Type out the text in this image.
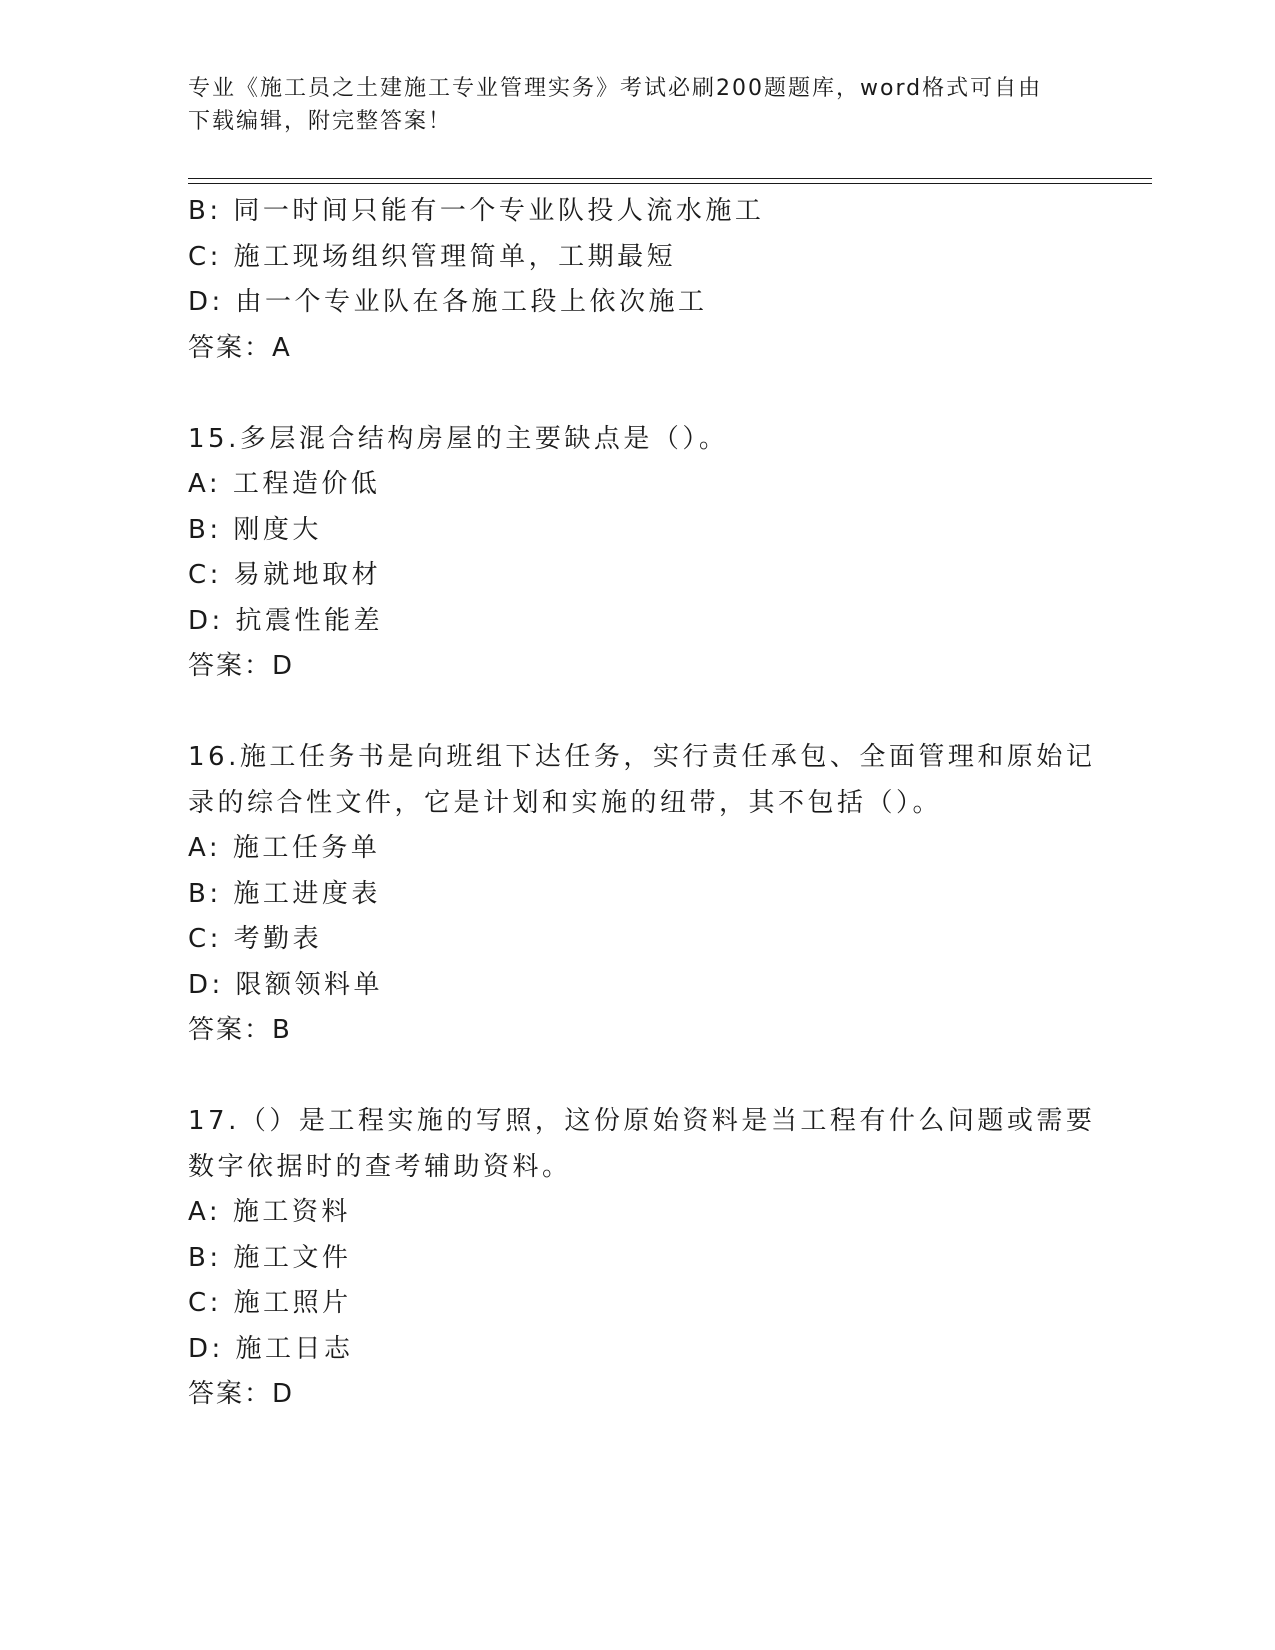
专业《施工员之土建施工专业管理实务》考试必刷200题题库，word格式可自由
下载编辑，附完整答案！
B: 同一时间只能有一个专业队投人流水施工
C: 施工现场组织管理简单，工期最短
D: 由一个专业队在各施工段上依次施工
答案：A
15.多层混合结构房屋的主要缺点是（）。
A: 工程造价低
B: 刚度大
C: 易就地取材
D: 抗震性能差
答案：D
16.施工任务书是向班组下达任务，实行责任承包、全面管理和原始记
录的综合性文件，它是计划和实施的纽带，其不包括（）。
A: 施工任务单
B: 施工进度表
C: 考勤表
D: 限额领料单
答案：B
17.（）是工程实施的写照，这份原始资料是当工程有什么问题或需要
数字依据时的查考辅助资料。
A: 施工资料
B: 施工文件
C: 施工照片
D: 施工日志
答案：D
